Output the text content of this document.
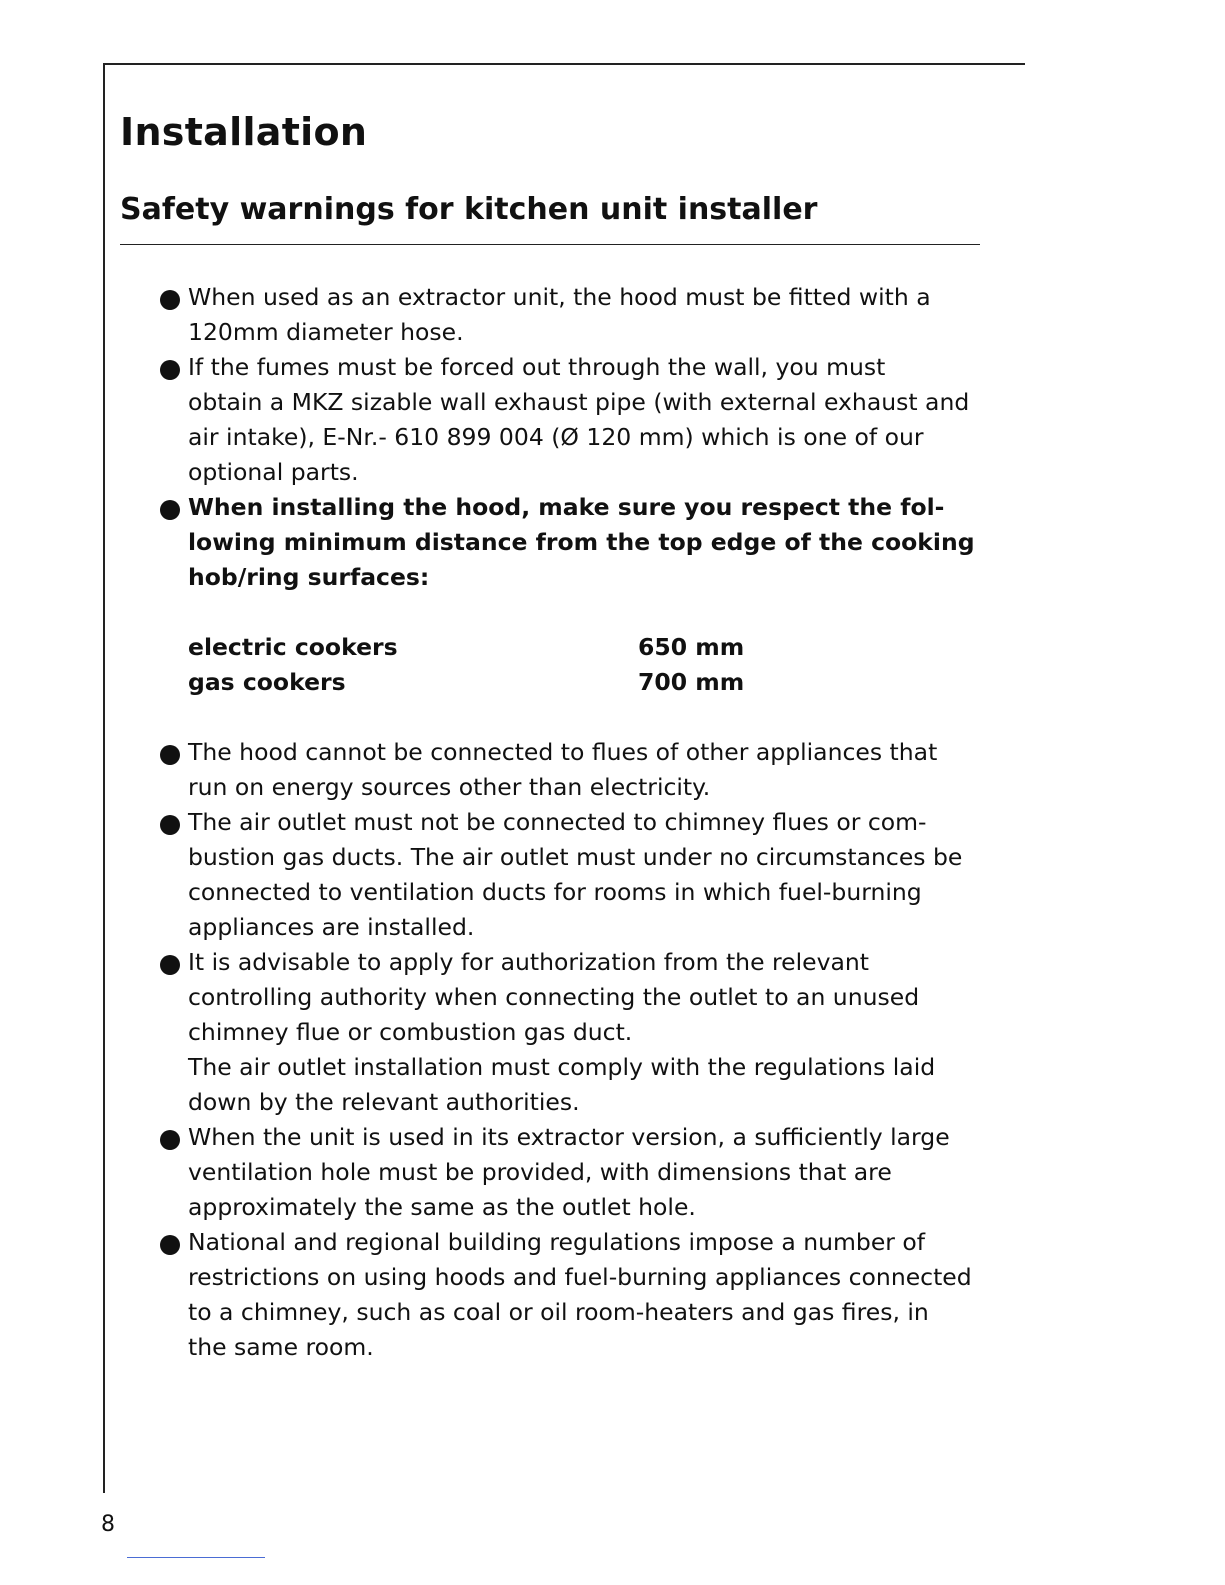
Installation
Safety warnings for kitchen unit installer
When used as an extractor unit, the hood must be fitted with a
120mm diameter hose.
If the fumes must be forced out through the wall, you must
obtain a MKZ sizable wall exhaust pipe (with external exhaust and
air intake), E-Nr.- 610 899 004 (Ø 120 mm) which is one of our
optional parts.
When installing the hood, make sure you respect the fol-
lowing minimum distance from the top edge of the cooking
hob/ring surfaces:
electric cookers	650 mm
gas cookers	700 mm
The hood cannot be connected to flues of other appliances that
run on energy sources other than electricity.
The air outlet must not be connected to chimney flues or com-
bustion gas ducts. The air outlet must under no circumstances be
connected to ventilation ducts for rooms in which fuel-burning
appliances are installed.
It is advisable to apply for authorization from the relevant
controlling authority when connecting the outlet to an unused
chimney flue or combustion gas duct.
The air outlet installation must comply with the regulations laid
down by the relevant authorities.
When the unit is used in its extractor version, a sufficiently large
ventilation hole must be provided, with dimensions that are
approximately the same as the outlet hole.
National and regional building regulations impose a number of
restrictions on using hoods and fuel-burning appliances connected
to a chimney, such as coal or oil room-heaters and gas fires, in
the same room.
8
